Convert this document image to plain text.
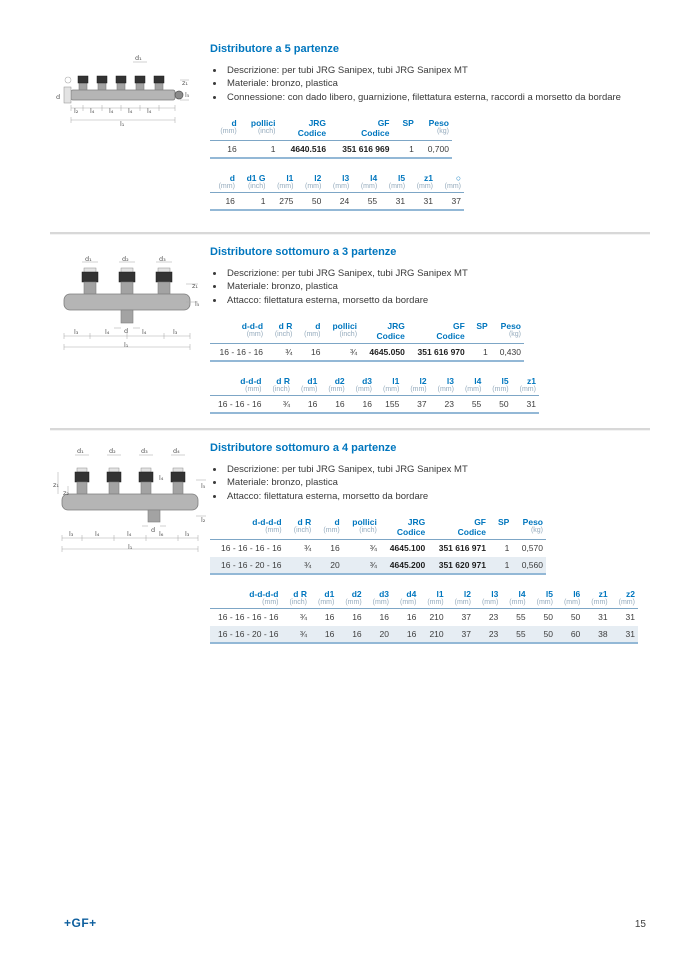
d
d₁
z₁
l₅
l₂ l₄ l₄ l₄ l₄
l₁
Distributore a 5 partenze
• Descrizione: per tubi JRG Sanipex, tubi JRG Sanipex MT
• Materiale: bronzo, plastica
• Connessione: con dado libero, guarnizione, filettatura esterna, raccordi a morsetto da bordare
d	pollici	JRG	GF	SP	Peso
(mm)	(inch)	Codice	Codice		(kg)
16	1	4640.516	351 616 969	1	0,700
d	d1 G	l1	l2	l3	l4	l5	z1	○
(mm)	(inch)	(mm)	(mm)	(mm)	(mm)	(mm)	(mm)	(mm)
16	1	275	50	24	55	31	31	37
d₁	d₂	d₃
z₁
l₅
d
l₃	l₄	l₄	l₃
l₁
Distributore sottomuro a 3 partenze
• Descrizione: per tubi JRG Sanipex, tubi JRG Sanipex MT
• Materiale: bronzo, plastica
• Attacco: filettatura esterna, morsetto da bordare
d-d-d	d R	d	pollici	JRG	GF	SP	Peso
(mm)	(inch)	(mm)	(inch)	Codice	Codice		(kg)
16 - 16 - 16	¾	16	¾	4645.050	351 616 970	1	0,430
d-d-d	d R	d1	d2	d3	l1	l2	l3	l4	l5	z1
(mm)	(inch)	(mm)	(mm)	(mm)	(mm)	(mm)	(mm)	(mm)	(mm)	(mm)
16 - 16 - 16	¾	16	16	16	155	37	23	55	50	31
d₁	d₂	d₃	d₄
z₁
z₂
l₄
l₅
l₂
d
l₃	l₄	l₄	l₆	l₃
l₁
Distributore sottomuro a 4 partenze
• Descrizione: per tubi JRG Sanipex, tubi JRG Sanipex MT
• Materiale: bronzo, plastica
• Attacco: filettatura esterna, morsetto da bordare
d-d-d-d	d R	d	pollici	JRG	GF	SP	Peso
(mm)	(inch)	(mm)	(inch)	Codice	Codice		(kg)
16 - 16 - 16 - 16	¾	16	¾	4645.100	351 616 971	1	0,570
16 - 16 - 20 - 16	¾	20	¾	4645.200	351 620 971	1	0,560
d-d-d-d	d R	d1	d2	d3	d4	l1	l2	l3	l4	l5	l6	z1	z2
(mm)	(inch)	(mm)	(mm)	(mm)	(mm)	(mm)	(mm)	(mm)	(mm)	(mm)	(mm)	(mm)	(mm)
16 - 16 - 16 - 16	¾	16	16	16	16	210	37	23	55	50	50	31	31
16 - 16 - 20 - 16	¾	16	16	20	16	210	37	23	55	50	60	38	31
+GF+	15
